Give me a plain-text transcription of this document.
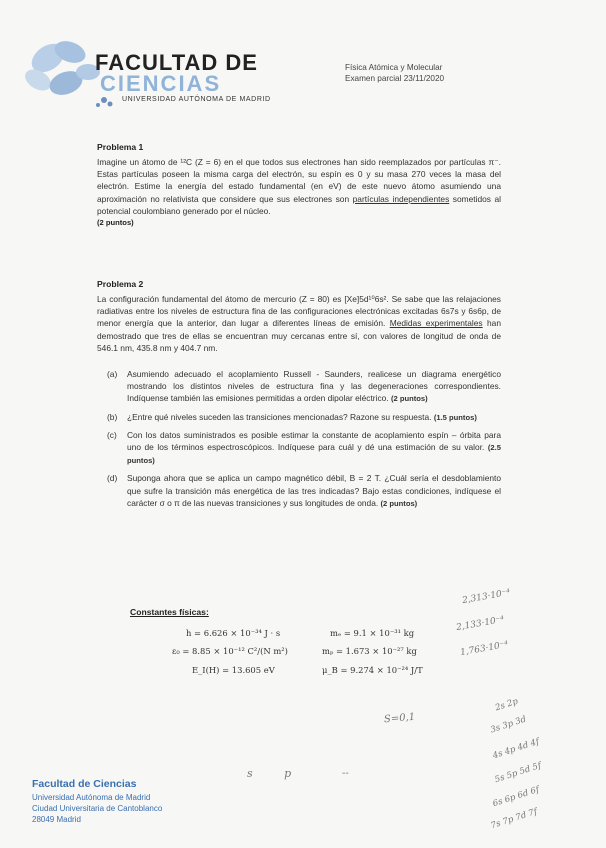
FACULTAD DE
CIENCIAS
UNIVERSIDAD AUTÓNOMA DE MADRID
Física Atómica y Molecular
Examen parcial 23/11/2020
Problema 1
Imagine un átomo de ¹²C (Z = 6) en el que todos sus electrones han sido reemplazados por partículas π⁻. Estas partículas poseen la misma carga del electrón, su espín es 0 y su masa 270 veces la masa del electrón. Estime la energía del estado fundamental (en eV) de este nuevo átomo asumiendo una aproximación no relativista que considere que sus electrones son partículas independientes sometidos al potencial coulombiano generado por el núcleo.
(2 puntos)
Problema 2
La configuración fundamental del átomo de mercurio (Z = 80) es [Xe]5d¹⁰6s². Se sabe que las relajaciones radiativas entre los niveles de estructura fina de las configuraciones electrónicas excitadas 6s7s y 6s6p, de menor energía que la anterior, dan lugar a diferentes líneas de emisión. Medidas experimentales han demostrado que tres de ellas se encuentran muy cercanas entre sí, con valores de longitud de onda de 546.1 nm, 435.8 nm y 404.7 nm.
(a) Asumiendo adecuado el acoplamiento Russell - Saunders, realicese un diagrama energético mostrando los distintos niveles de estructura fina y las degeneraciones correspondientes. Indíquense también las emisiones permitidas a orden dipolar eléctrico. (2 puntos)
(b) ¿Entre qué niveles suceden las transiciones mencionadas? Razone su respuesta. (1.5 puntos)
(c) Con los datos suministrados es posible estimar la constante de acoplamiento espín – órbita para uno de los términos espectroscópicos. Indíquese para cuál y dé una estimación de su valor. (2.5 puntos)
(d) Suponga ahora que se aplica un campo magnético débil, B = 2 T. ¿Cuál sería el desdoblamiento que sufre la transición más energética de las tres indicadas? Bajo estas condiciones, indíquese el carácter σ o π de las nuevas transiciones y sus longitudes de onda. (2 puntos)
Constantes físicas:
h = 6.626 × 10⁻³⁴ J · s	mₑ = 9.1 × 10⁻³¹ kg
ε₀ = 8.85 × 10⁻¹² C²/(N m²)	mₚ = 1.673 × 10⁻²⁷ kg
E_I(H) = 13.605 eV	μ_B = 9.274 × 10⁻²⁴ J/T
2,313·10⁻⁴
2,133·10⁻⁴
1,763·10⁻⁴
S=0,1
s p	--
2s 2p
3s 3p 3d
4s 4p 4d 4f
5s 5p 5d 5f
6s 6p 6d 6f
7s 7p 7d 7f
Facultad de Ciencias
Universidad Autónoma de Madrid
Ciudad Universitaria de Cantoblanco
28049 Madrid
